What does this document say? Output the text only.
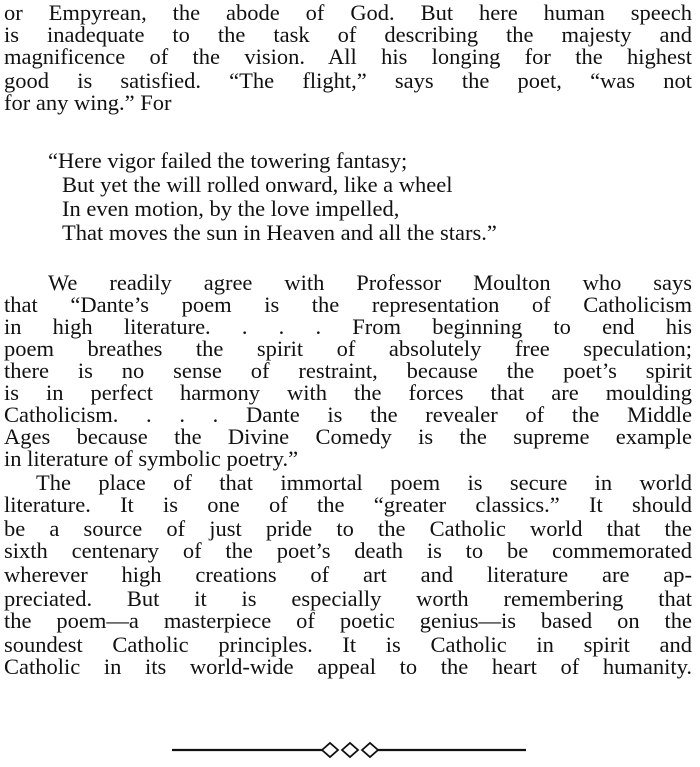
or Empyrean, the abode of God. But here human speech
is inadequate to the task of describing the majesty and
magnificence of the vision. All his longing for the highest
good is satisfied. “The flight,” says the poet, “was not
for any wing.” For
“Here vigor failed the towering fantasy;
But yet the will rolled onward, like a wheel
In even motion, by the love impelled,
That moves the sun in Heaven and all the stars.”
We readily agree with Professor Moulton who says
that “Dante’s poem is the representation of Catholicism
in high literature. . . . From beginning to end his
poem breathes the spirit of absolutely free speculation;
there is no sense of restraint, because the poet’s spirit
is in perfect harmony with the forces that are moulding
Catholicism. . . . Dante is the revealer of the Middle
Ages because the Divine Comedy is the supreme example
in literature of symbolic poetry.”
The place of that immortal poem is secure in world
literature. It is one of the “greater classics.” It should
be a source of just pride to the Catholic world that the
sixth centenary of the poet’s death is to be commemorated
wherever high creations of art and literature are ap-
preciated. But it is especially worth remembering that
the poem—a masterpiece of poetic genius—is based on the
soundest Catholic principles. It is Catholic in spirit and
Catholic in its world-wide appeal to the heart of humanity.
